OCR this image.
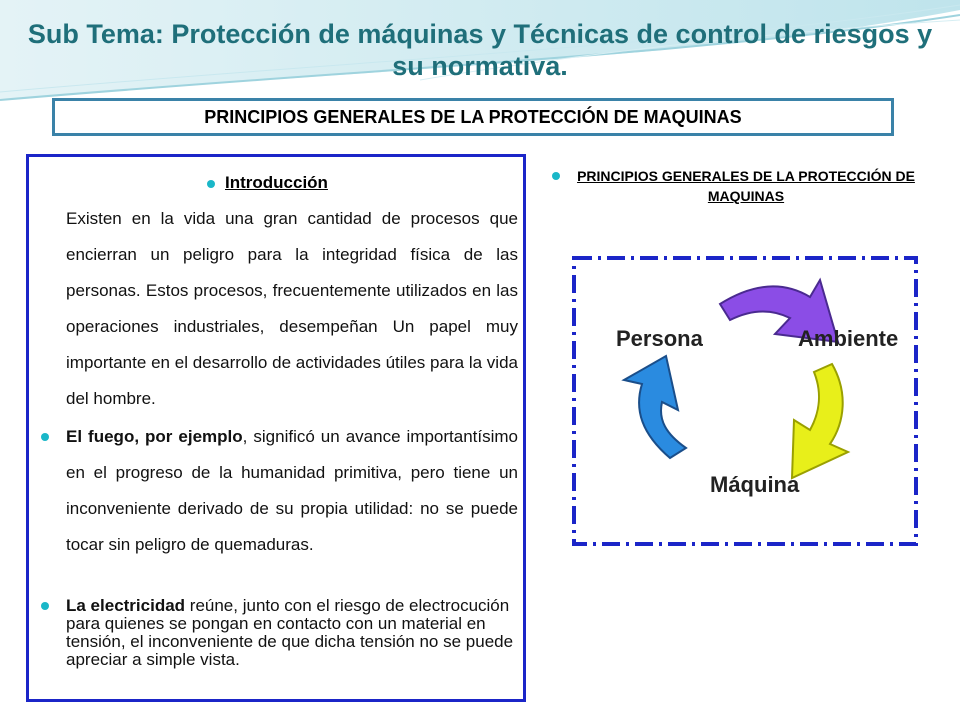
Sub Tema: Protección de máquinas y Técnicas de control de riesgos y su normativa.
PRINCIPIOS GENERALES DE LA PROTECCIÓN DE MAQUINAS
Introducción
Existen en la vida una gran cantidad de procesos que encierran un peligro para la integridad física de las personas. Estos procesos, frecuentemente utilizados en las operaciones industriales, desempeñan Un papel muy importante en el desarrollo de actividades útiles para la vida del hombre.
El fuego, por ejemplo, significó un avance importantísimo en el progreso de la humanidad primitiva, pero tiene un inconveniente derivado de su propia utilidad: no se puede tocar sin peligro de quemaduras.
La electricidad reúne, junto con el riesgo de electrocución para quienes se pongan en contacto con un material en tensión, el inconveniente de que dicha tensión no se puede apreciar a simple vista.
PRINCIPIOS GENERALES DE LA PROTECCIÓN DE MAQUINAS
Persona	Ambiente
Máquina
